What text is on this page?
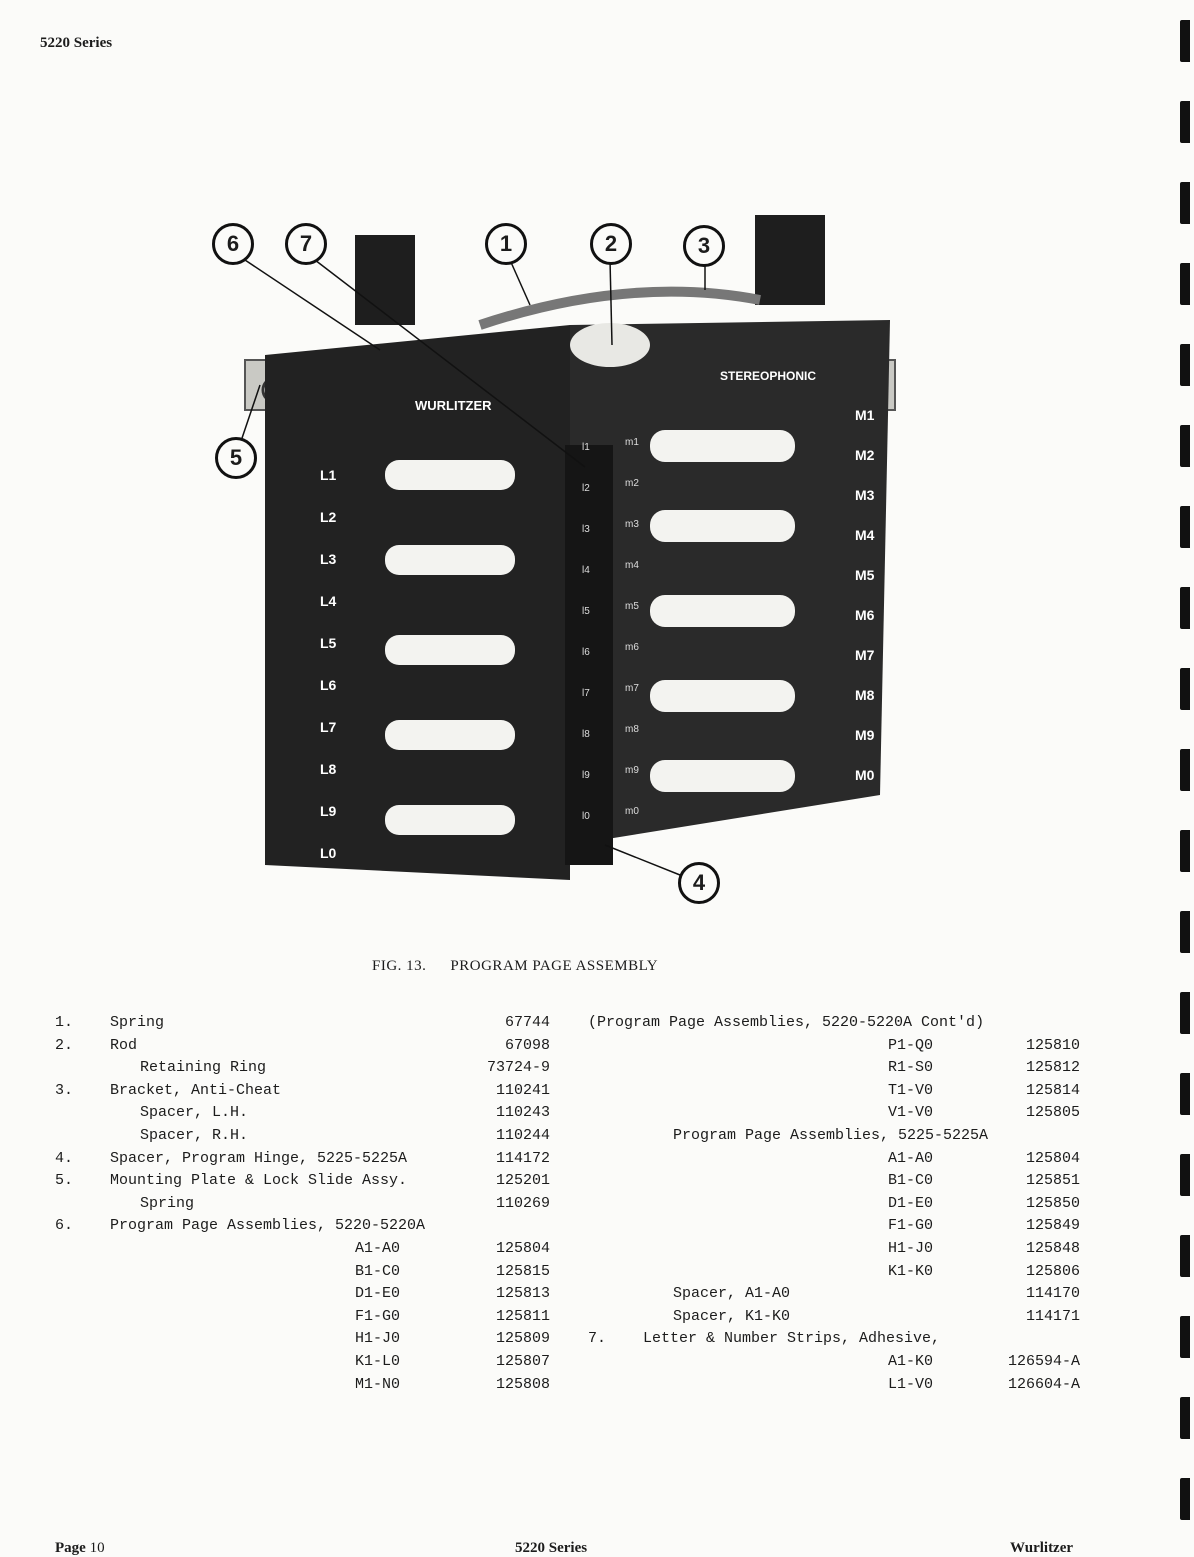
5220 Series
WURLITZER
STEREOPHONIC
L1
L2
L3
L4
L5
L6
L7
L8
L9
L0
M1
M2
M3
M4
M5
M6
M7
M8
M9
M0
l1
l2
l3
l4
l5
l6
l7
l8
l9
l0
m1
m2
m3
m4
m5
m6
m7
m8
m9
m0
6	7	1	2	3
5
4
FIG. 13. PROGRAM PAGE ASSEMBLY
1. Spring	67744
2. Rod	67098
Retaining Ring	73724-9
3. Bracket, Anti-Cheat	110241
Spacer, L.H.	110243
Spacer, R.H.	110244
4. Spacer, Program Hinge, 5225-5225A	114172
5. Mounting Plate & Lock Slide Assy.	125201
Spring	110269
6. Program Page Assemblies, 5220-5220A
A1-A0	125804
B1-C0	125815
D1-E0	125813
F1-G0	125811
H1-J0	125809
K1-L0	125807
M1-N0	125808
(Program Page Assemblies, 5220-5220A Cont'd)
P1-Q0	125810
R1-S0	125812
T1-V0	125814
V1-V0	125805
Program Page Assemblies, 5225-5225A
A1-A0	125804
B1-C0	125851
D1-E0	125850
F1-G0	125849
H1-J0	125848
K1-K0	125806
Spacer, A1-A0	114170
Spacer, K1-K0	114171
7. Letter & Number Strips, Adhesive,
A1-K0	126594-A
L1-V0	126604-A
Page 10	5220 Series	Wurlitzer
